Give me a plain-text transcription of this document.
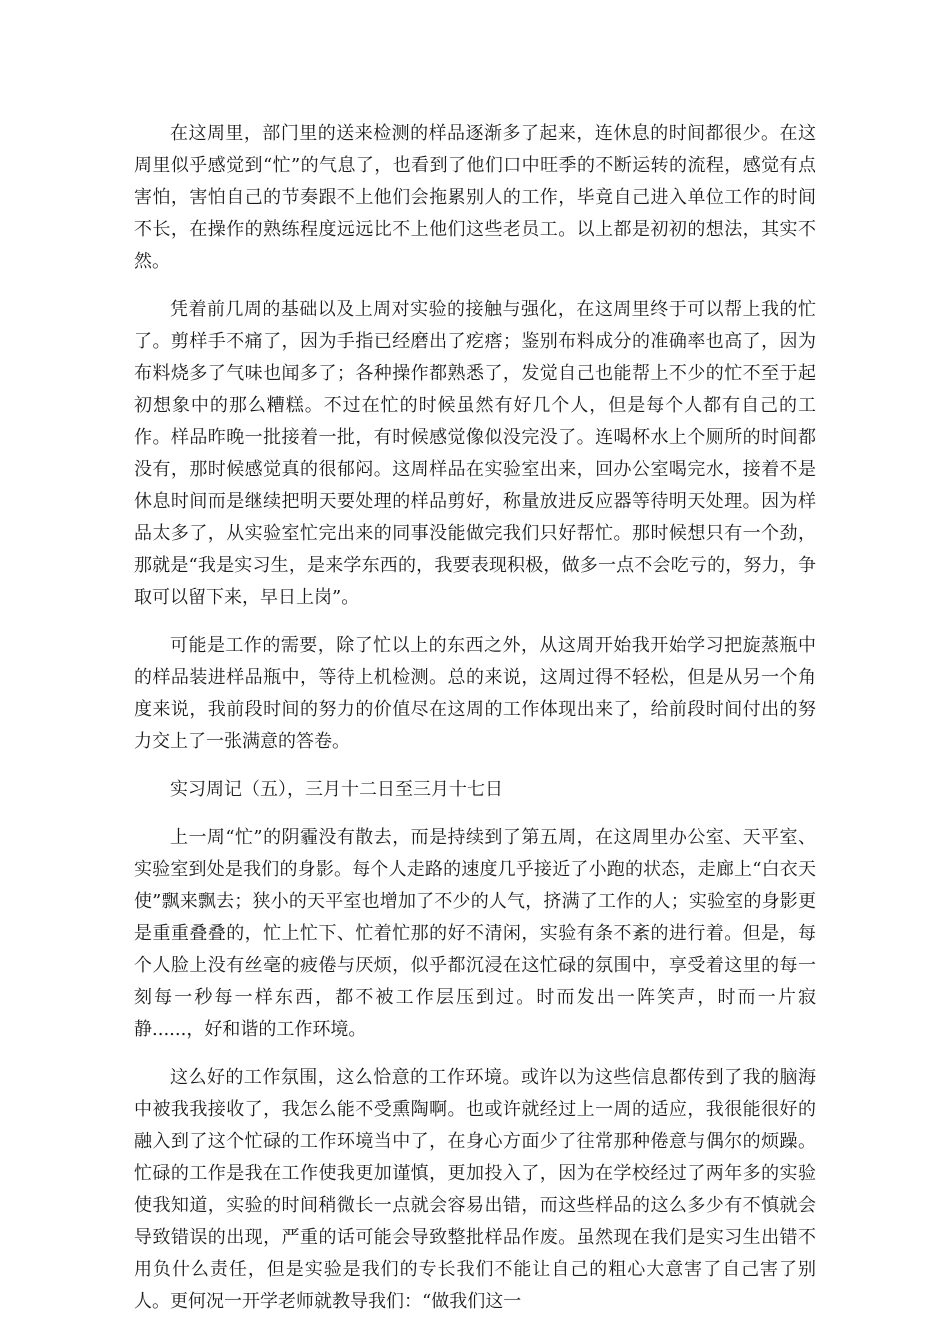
在这周里，部门里的送来检测的样品逐渐多了起来，连休息的时间都很少。在这周里似乎感觉到“忙”的气息了，也看到了他们口中旺季的不断运转的流程，感觉有点害怕，害怕自己的节奏跟不上他们会拖累别人的工作，毕竟自己进入单位工作的时间不长，在操作的熟练程度远远比不上他们这些老员工。以上都是初初的想法，其实不然。

凭着前几周的基础以及上周对实验的接触与强化，在这周里终于可以帮上我的忙了。剪样手不痛了，因为手指已经磨出了疙瘩；鉴别布料成分的准确率也高了，因为布料烧多了气味也闻多了；各种操作都熟悉了，发觉自己也能帮上不少的忙不至于起初想象中的那么糟糕。不过在忙的时候虽然有好几个人，但是每个人都有自己的工作。样品昨晚一批接着一批，有时候感觉像似没完没了。连喝杯水上个厕所的时间都没有，那时候感觉真的很郁闷。这周样品在实验室出来，回办公室喝完水，接着不是休息时间而是继续把明天要处理的样品剪好，称量放进反应器等待明天处理。因为样品太多了，从实验室忙完出来的同事没能做完我们只好帮忙。那时候想只有一个劲，那就是“我是实习生，是来学东西的，我要表现积极，做多一点不会吃亏的，努力，争取可以留下来，早日上岗”。

可能是工作的需要，除了忙以上的东西之外，从这周开始我开始学习把旋蒸瓶中的样品装进样品瓶中，等待上机检测。总的来说，这周过得不轻松，但是从另一个角度来说，我前段时间的努力的价值尽在这周的工作体现出来了，给前段时间付出的努力交上了一张满意的答卷。

实习周记（五），三月十二日至三月十七日

上一周“忙”的阴霾没有散去，而是持续到了第五周，在这周里办公室、天平室、实验室到处是我们的身影。每个人走路的速度几乎接近了小跑的状态，走廊上“白衣天使”飘来飘去；狭小的天平室也增加了不少的人气，挤满了工作的人；实验室的身影更是重重叠叠的，忙上忙下、忙着忙那的好不清闲，实验有条不紊的进行着。但是，每个人脸上没有丝毫的疲倦与厌烦，似乎都沉浸在这忙碌的氛围中，享受着这里的每一刻每一秒每一样东西，都不被工作层压到过。时而发出一阵笑声，时而一片寂静......，好和谐的工作环境。

这么好的工作氛围，这么恰意的工作环境。或许以为这些信息都传到了我的脑海中被我我接收了，我怎么能不受熏陶啊。也或许就经过上一周的适应，我很能很好的融入到了这个忙碌的工作环境当中了，在身心方面少了往常那种倦意与偶尔的烦躁。忙碌的工作是我在工作使我更加谨慎，更加投入了，因为在学校经过了两年多的实验使我知道，实验的时间稍微长一点就会容易出错，而这些样品的这么多少有不慎就会导致错误的出现，严重的话可能会导致整批样品作废。虽然现在我们是实习生出错不用负什么责任，但是实验是我们的专长我们不能让自己的粗心大意害了自己害了别人。更何况一开学老师就教导我们：“做我们这一
